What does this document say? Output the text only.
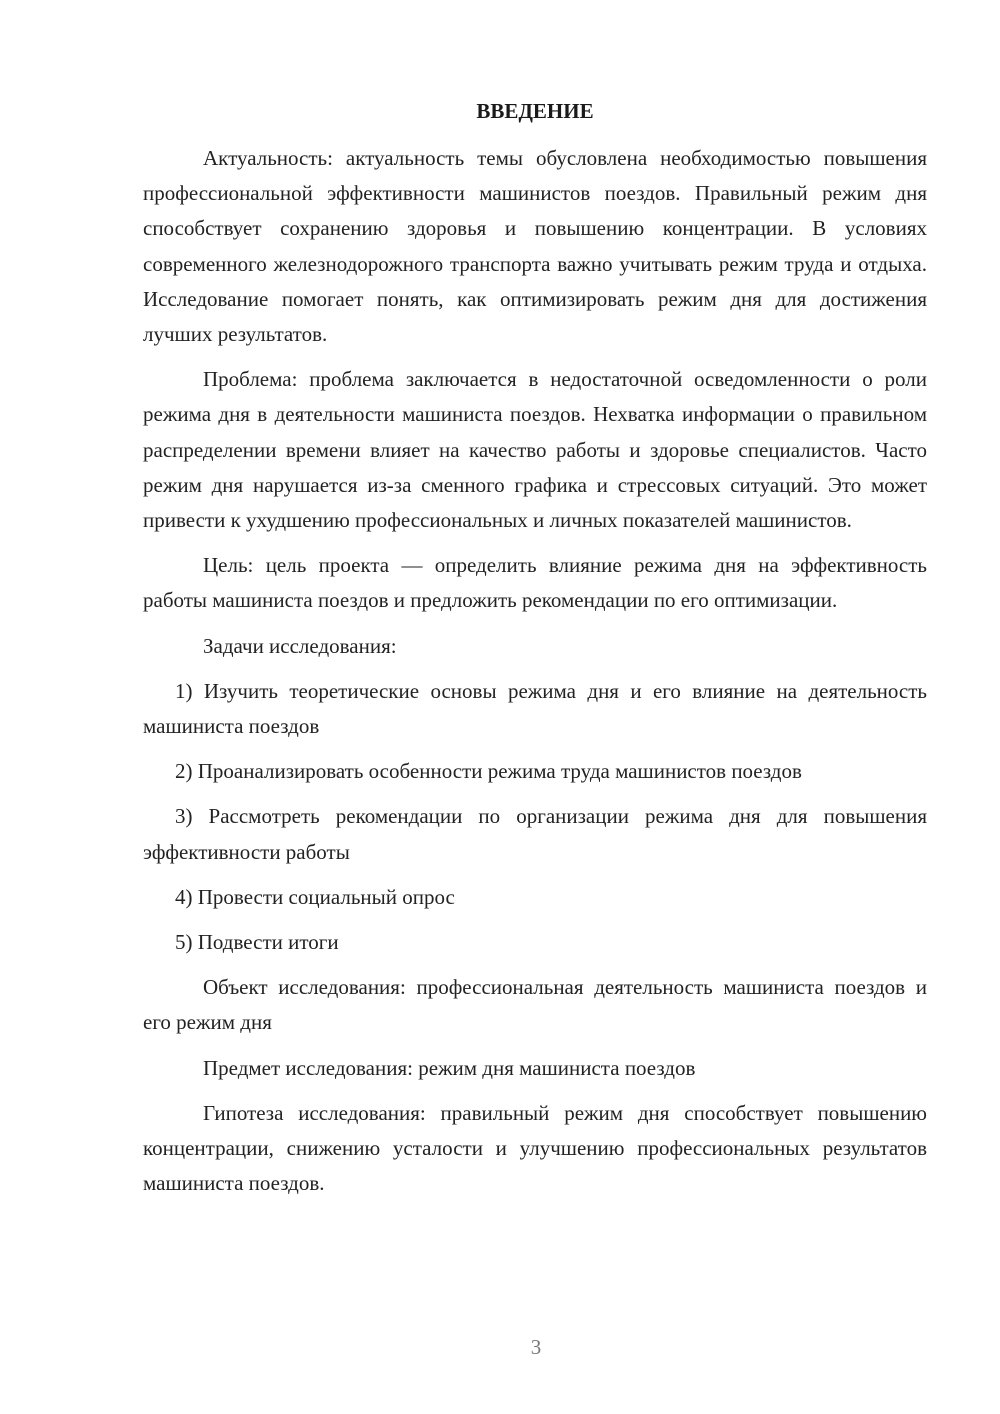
ВВЕДЕНИЕ

Актуальность: актуальность темы обусловлена необходимостью повышения профессиональной эффективности машинистов поездов. Правильный режим дня способствует сохранению здоровья и повышению концентрации. В условиях современного железнодорожного транспорта важно учитывать режим труда и отдыха. Исследование помогает понять, как оптимизировать режим дня для достижения лучших результатов.

Проблема: проблема заключается в недостаточной осведомленности о роли режима дня в деятельности машиниста поездов. Нехватка информации о правильном распределении времени влияет на качество работы и здоровье специалистов. Часто режим дня нарушается из-за сменного графика и стрессовых ситуаций. Это может привести к ухудшению профессиональных и личных показателей машинистов.

Цель: цель проекта — определить влияние режима дня на эффективность работы машиниста поездов и предложить рекомендации по его оптимизации.

Задачи исследования:

1) Изучить теоретические основы режима дня и его влияние на деятельность машиниста поездов

2) Проанализировать особенности режима труда машинистов поездов

3) Рассмотреть рекомендации по организации режима дня для повышения эффективности работы

4) Провести социальный опрос

5) Подвести итоги

Объект исследования: профессиональная деятельность машиниста поездов и его режим дня

Предмет исследования: режим дня машиниста поездов

Гипотеза исследования: правильный режим дня способствует повышению концентрации, снижению усталости и улучшению профессиональных результатов машиниста поездов.

3
